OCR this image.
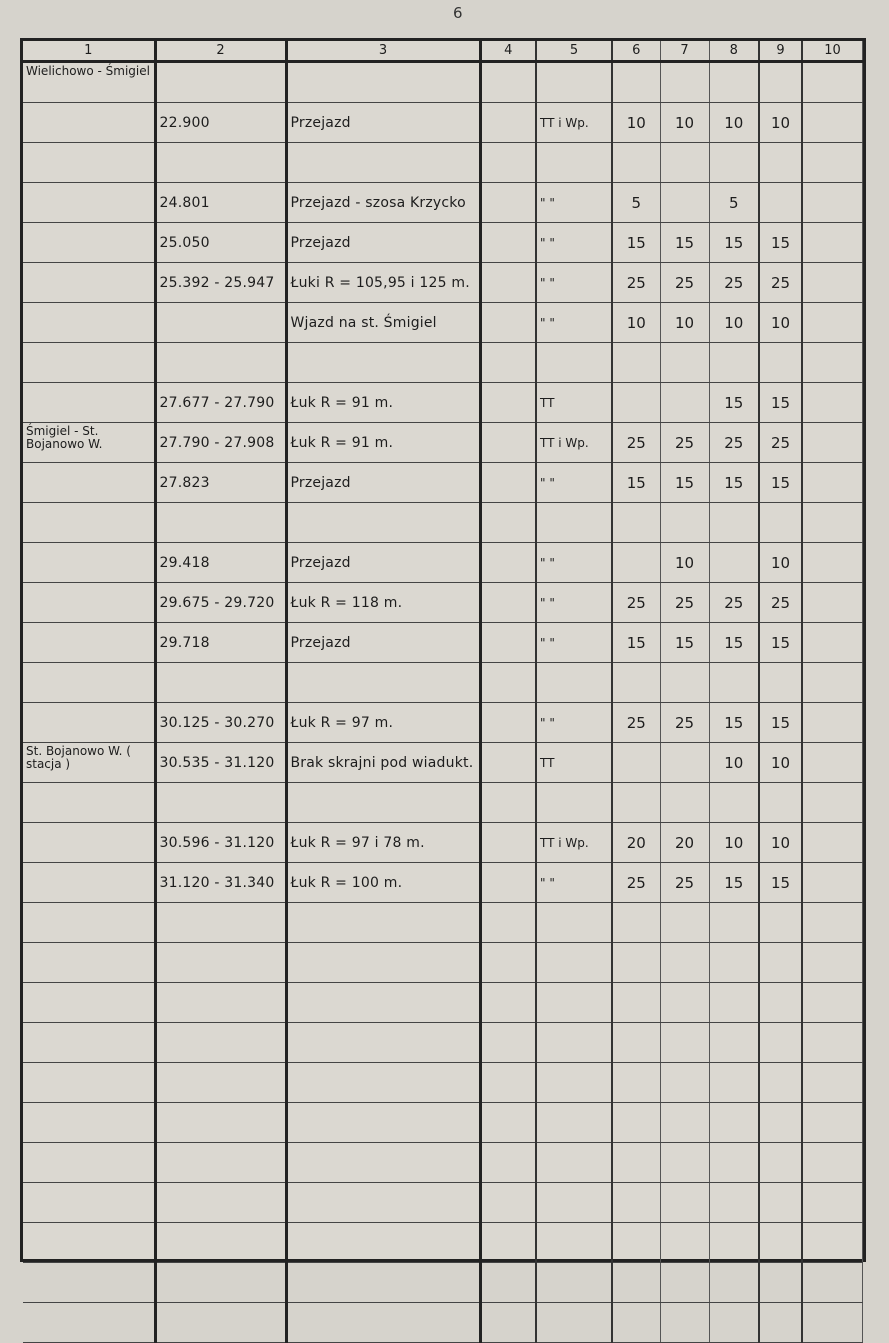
6
1	2	3	4	5	6	7	8	9	10
Wielichowo - Śmigiel									
	22.900	Przejazd		TT i Wp.	10	10	10	10	

	24.801	Przejazd - szosa Krzycko		" "	5		5		
	25.050	Przejazd		" "	15	15	15	15	
	25.392 - 25.947	Łuki R = 105,95 i 125 m.		" "	25	25	25	25	
		Wjazd na st. Śmigiel		" "	10	10	10	10	

	27.677 - 27.790	Łuk R = 91 m.		TT			15	15	
Śmigiel - St. Bojanowo W.	27.790 - 27.908	Łuk R = 91 m.		TT i Wp.	25	25	25	25	
	27.823	Przejazd		" "	15	15	15	15	

	29.418	Przejazd		" "		10		10	
	29.675 - 29.720	Łuk R = 118 m.		" "	25	25	25	25	
	29.718	Przejazd		" "	15	15	15	15	

	30.125 - 30.270	Łuk R = 97 m.		" "	25	25	15	15	
St. Bojanowo W. ( stacja )	30.535 - 31.120	Brak skrajni pod wiadukt.		TT			10	10	

	30.596 - 31.120	Łuk R = 97 i 78 m.		TT i Wp.	20	20	10	10	
	31.120 - 31.340	Łuk R = 100 m.		" "	25	25	15	15	
